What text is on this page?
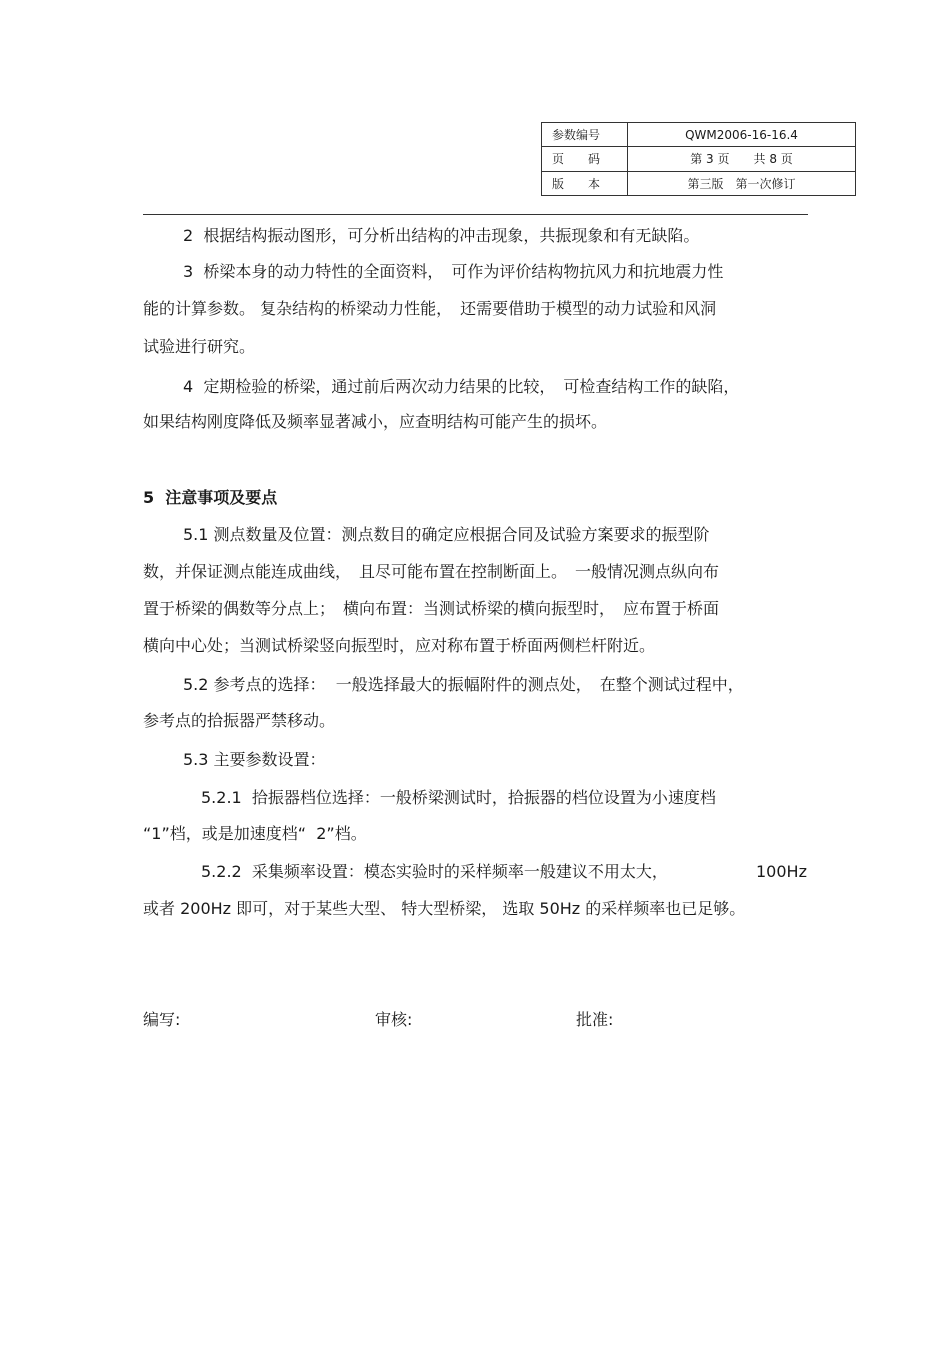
参数编号	QWM2006-16-16.4
页　　码	第 3 页　　共 8 页
版　　本	第三版　第一次修订
2  根据结构振动图形，可分析出结构的冲击现象，共振现象和有无缺陷。
3  桥梁本身的动力特性的全面资料，　可作为评价结构物抗风力和抗地震力性
能的计算参数。 复杂结构的桥梁动力性能，　还需要借助于模型的动力试验和风洞
试验进行研究。
4  定期检验的桥梁，通过前后两次动力结果的比较，　可检查结构工作的缺陷，
如果结构刚度降低及频率显著减小，应查明结构可能产生的损坏。
5  注意事项及要点
5.1 测点数量及位置：测点数目的确定应根据合同及试验方案要求的振型阶
数，并保证测点能连成曲线，　且尽可能布置在控制断面上。　一般情况测点纵向布
置于桥梁的偶数等分点上；　横向布置：当测试桥梁的横向振型时，　应布置于桥面
横向中心处；当测试桥梁竖向振型时，应对称布置于桥面两侧栏杆附近。
5.2 参考点的选择：  一般选择最大的振幅附件的测点处，　在整个测试过程中，
参考点的拾振器严禁移动。
5.3 主要参数设置：
5.2.1  拾振器档位选择：一般桥梁测试时，拾振器的档位设置为小速度档
“1”档，或是加速度档“  2”档。
5.2.2  采集频率设置：模态实验时的采样频率一般建议不用太大，	100Hz
或者 200Hz 即可，对于某些大型、 特大型桥梁， 选取 50Hz 的采样频率也已足够。
编写:	审核:	批准:
